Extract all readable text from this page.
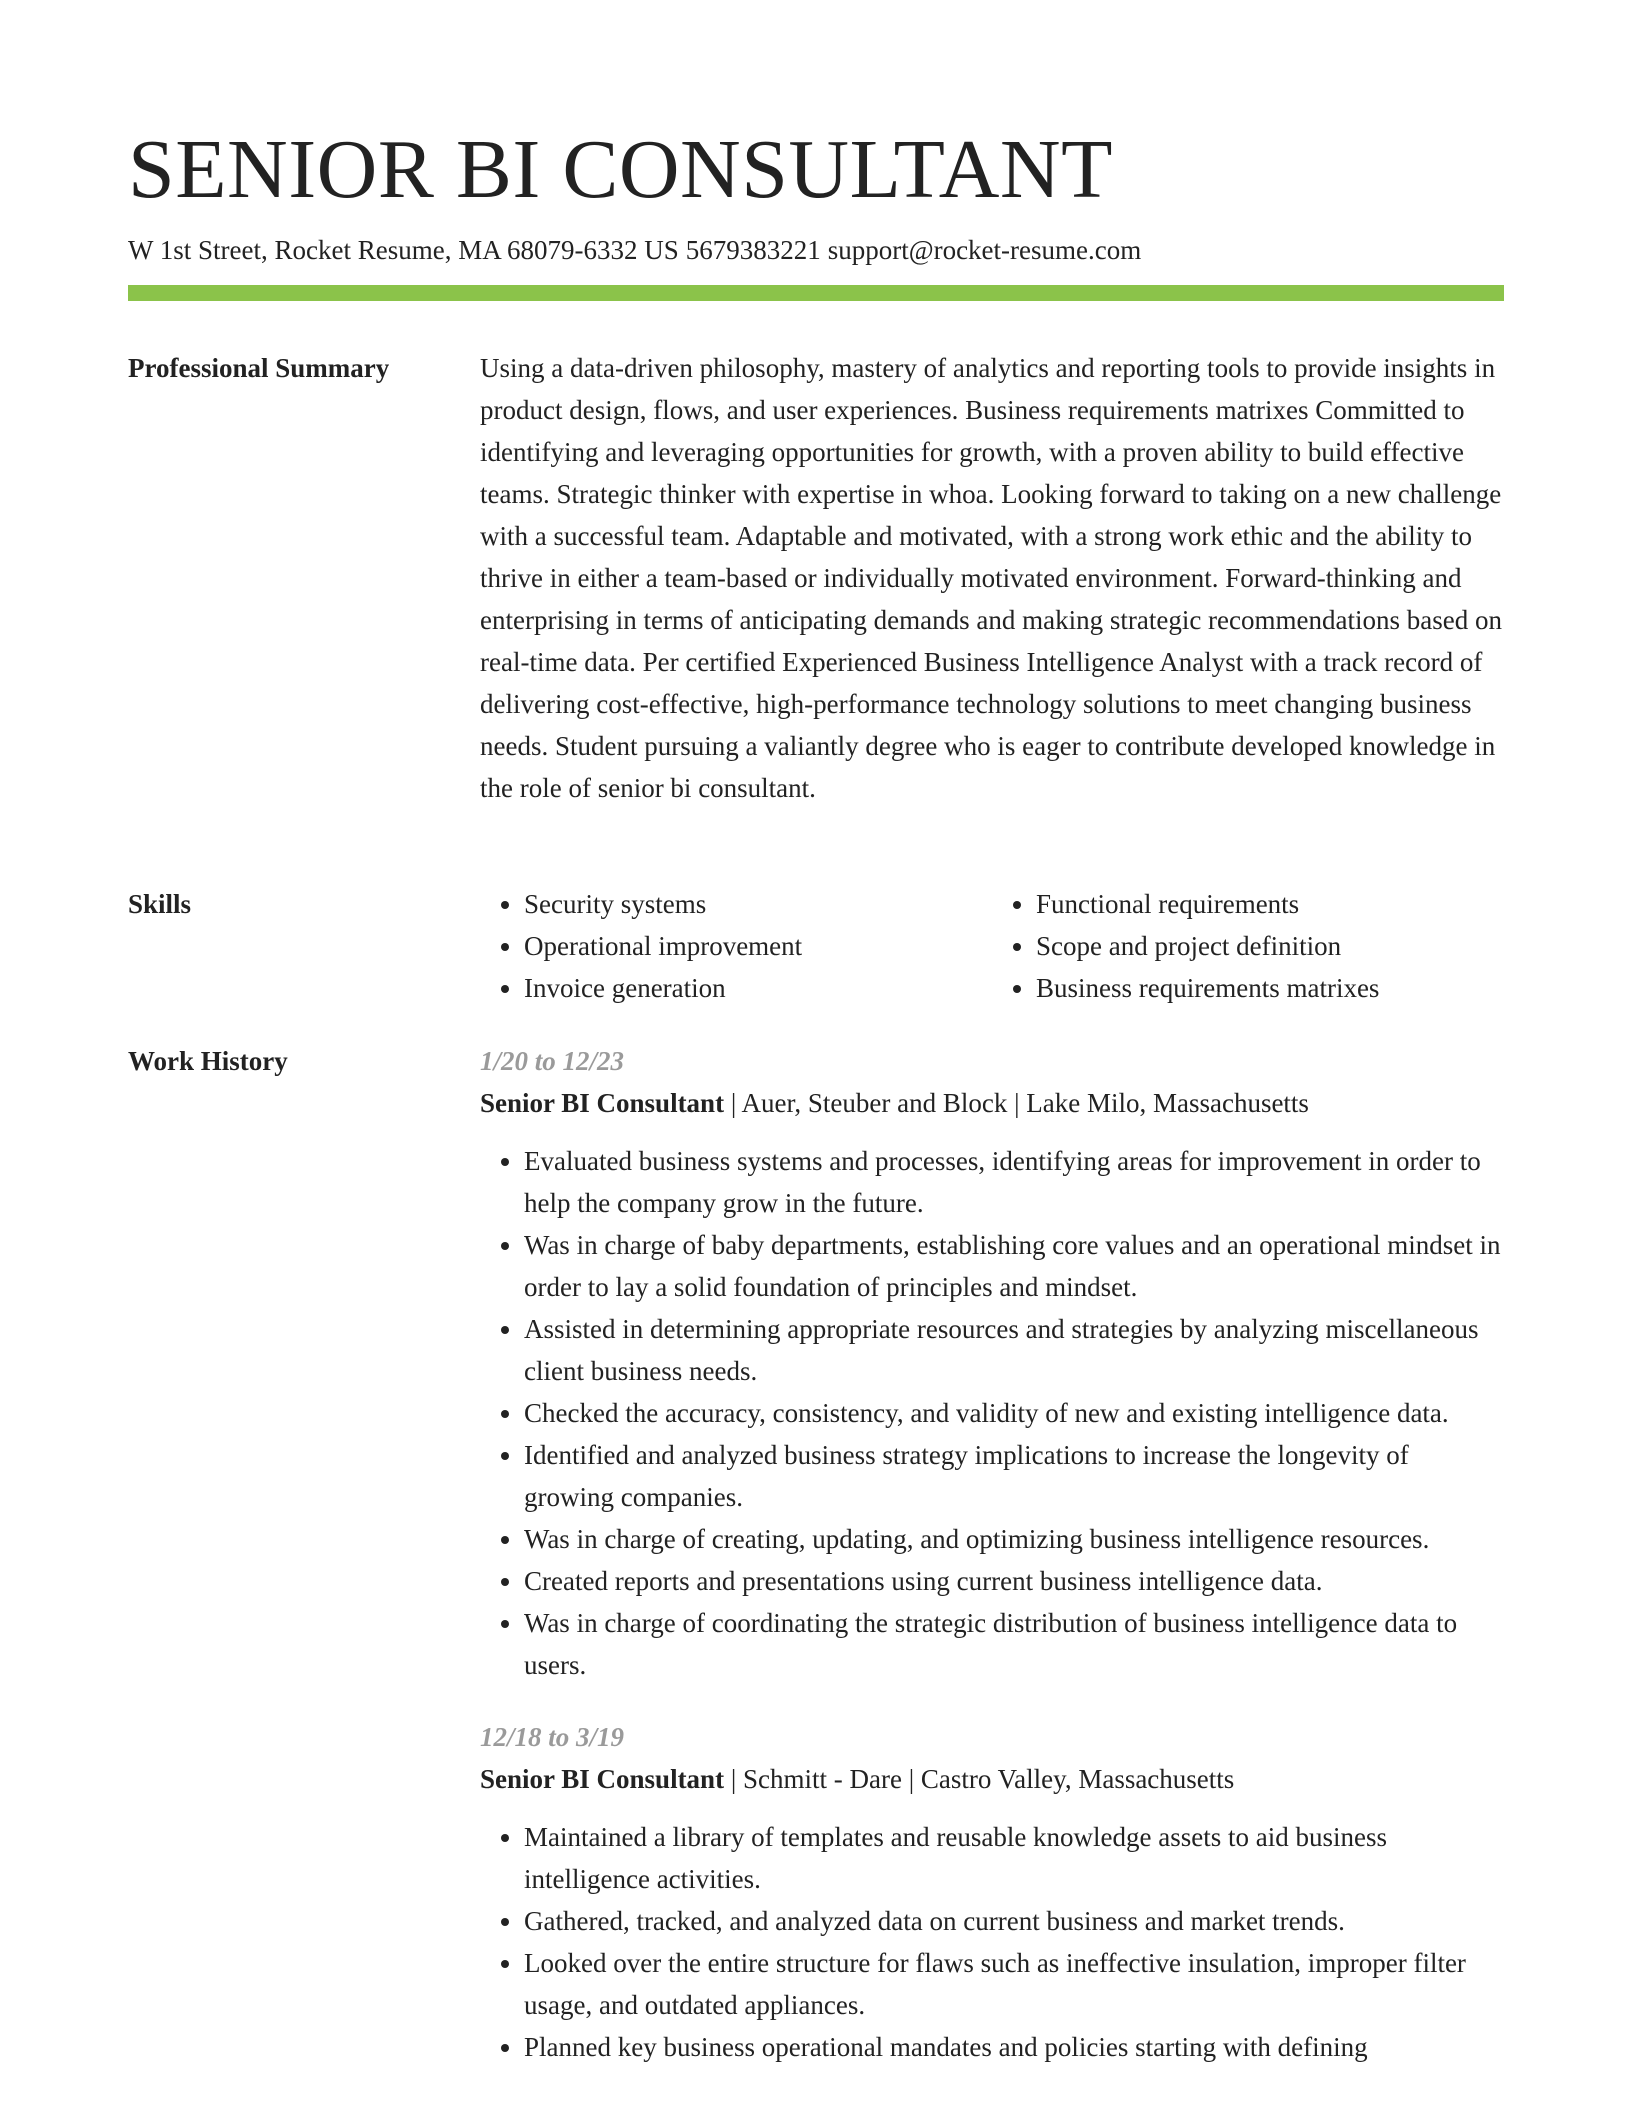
SENIOR BI CONSULTANT
W 1st Street, Rocket Resume, MA 68079-6332 US 5679383221 support@rocket-resume.com
Professional Summary	Using a data-driven philosophy, mastery of analytics and reporting tools to provide insights in product design, flows, and user experiences. Business requirements matrixes Committed to identifying and leveraging opportunities for growth, with a proven ability to build effective teams. Strategic thinker with expertise in whoa. Looking forward to taking on a new challenge with a successful team. Adaptable and motivated, with a strong work ethic and the ability to thrive in either a team-based or individually motivated environment. Forward-thinking and enterprising in terms of anticipating demands and making strategic recommendations based on real-time data. Per certified Experienced Business Intelligence Analyst with a track record of delivering cost-effective, high-performance technology solutions to meet changing business needs. Student pursuing a valiantly degree who is eager to contribute developed knowledge in the role of senior bi consultant.

Skills
•	Security systems
• Operational improvement
• Invoice generation
• Functional requirements
• Scope and project definition
• Business requirements matrixes
Work History	1/20 to 12/23
Senior BI Consultant | Auer, Steuber and Block | Lake Milo, Massachusetts
• Evaluated business systems and processes, identifying areas for improvement in order to help the company grow in the future.
• Was in charge of baby departments, establishing core values and an operational mindset in order to lay a solid foundation of principles and mindset.
• Assisted in determining appropriate resources and strategies by analyzing miscellaneous client business needs.
• Checked the accuracy, consistency, and validity of new and existing intelligence data.
• Identified and analyzed business strategy implications to increase the longevity of growing companies.
• Was in charge of creating, updating, and optimizing business intelligence resources.
• Created reports and presentations using current business intelligence data.
• Was in charge of coordinating the strategic distribution of business intelligence data to users.
12/18 to 3/19
Senior BI Consultant | Schmitt - Dare | Castro Valley, Massachusetts
• Maintained a library of templates and reusable knowledge assets to aid business intelligence activities.
• Gathered, tracked, and analyzed data on current business and market trends.
• Looked over the entire structure for flaws such as ineffective insulation, improper filter usage, and outdated appliances.
• Planned key business operational mandates and policies starting with defining
